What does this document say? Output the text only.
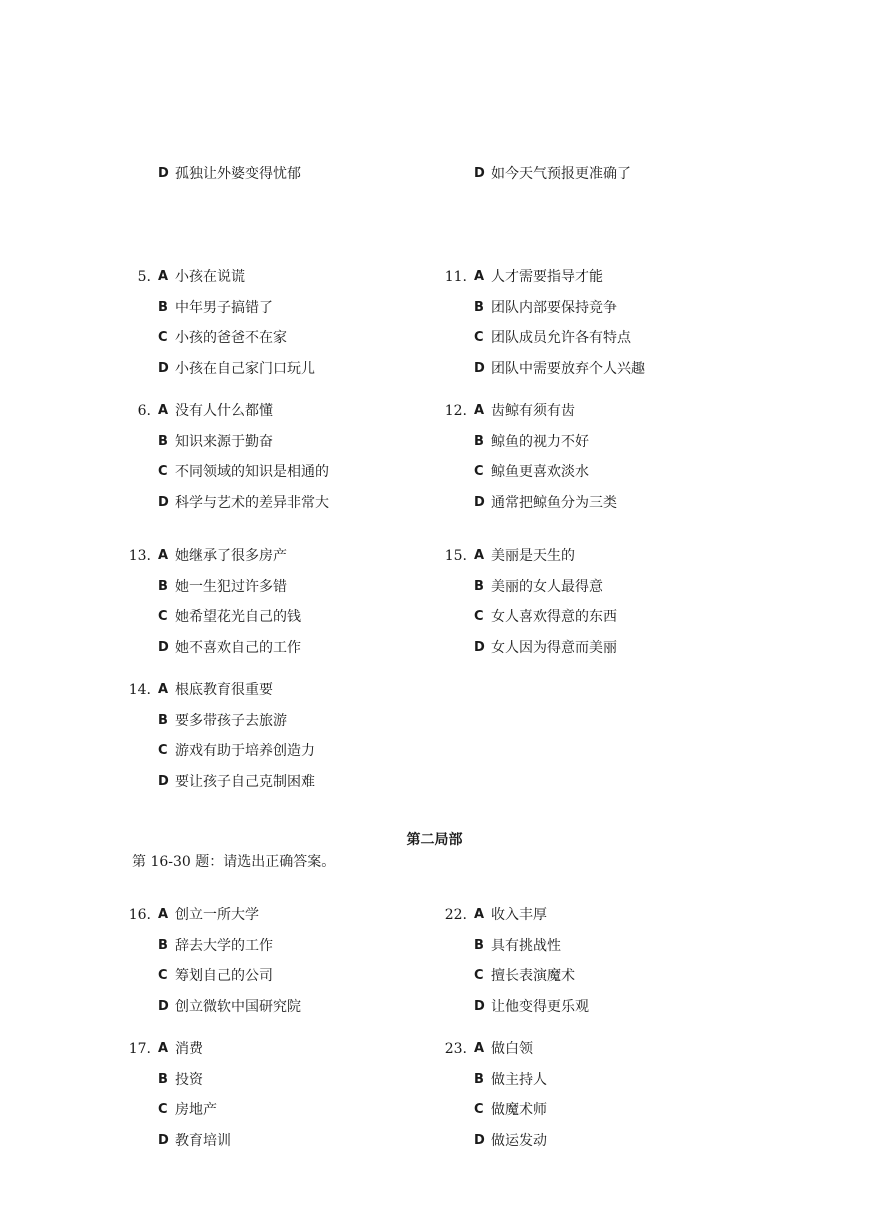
D 孤独让外婆变得忧郁	D 如今天气预报更准确了
5. A 小孩在说谎
B 中年男子搞错了
C 小孩的爸爸不在家
D 小孩在自己家门口玩儿
11. A 人才需要指导才能
B 团队内部要保持竞争
C 团队成员允许各有特点
D 团队中需要放弃个人兴趣
6. A 没有人什么都懂
B 知识来源于勤奋
C 不同领域的知识是相通的
D 科学与艺术的差异非常大
12. A 齿鲸有须有齿
B 鲸鱼的视力不好
C 鲸鱼更喜欢淡水
D 通常把鲸鱼分为三类
13. A 她继承了很多房产
B 她一生犯过许多错
C 她希望花光自己的钱
D 她不喜欢自己的工作
15. A 美丽是天生的
B 美丽的女人最得意
C 女人喜欢得意的东西
D 女人因为得意而美丽
14. A 根底教育很重要
B 要多带孩子去旅游
C 游戏有助于培养创造力
D 要让孩子自己克制困难
16. A 创立一所大学
B 辞去大学的工作
C 筹划自己的公司
D 创立微软中国研究院
22. A 收入丰厚
B 具有挑战性
C 擅长表演魔术
D 让他变得更乐观
17. A 消费
B 投资
C 房地产
D 教育培训
23. A 做白领
B 做主持人
C 做魔术师
D 做运发动
第二局部
第 16-30 题：请选出正确答案。
